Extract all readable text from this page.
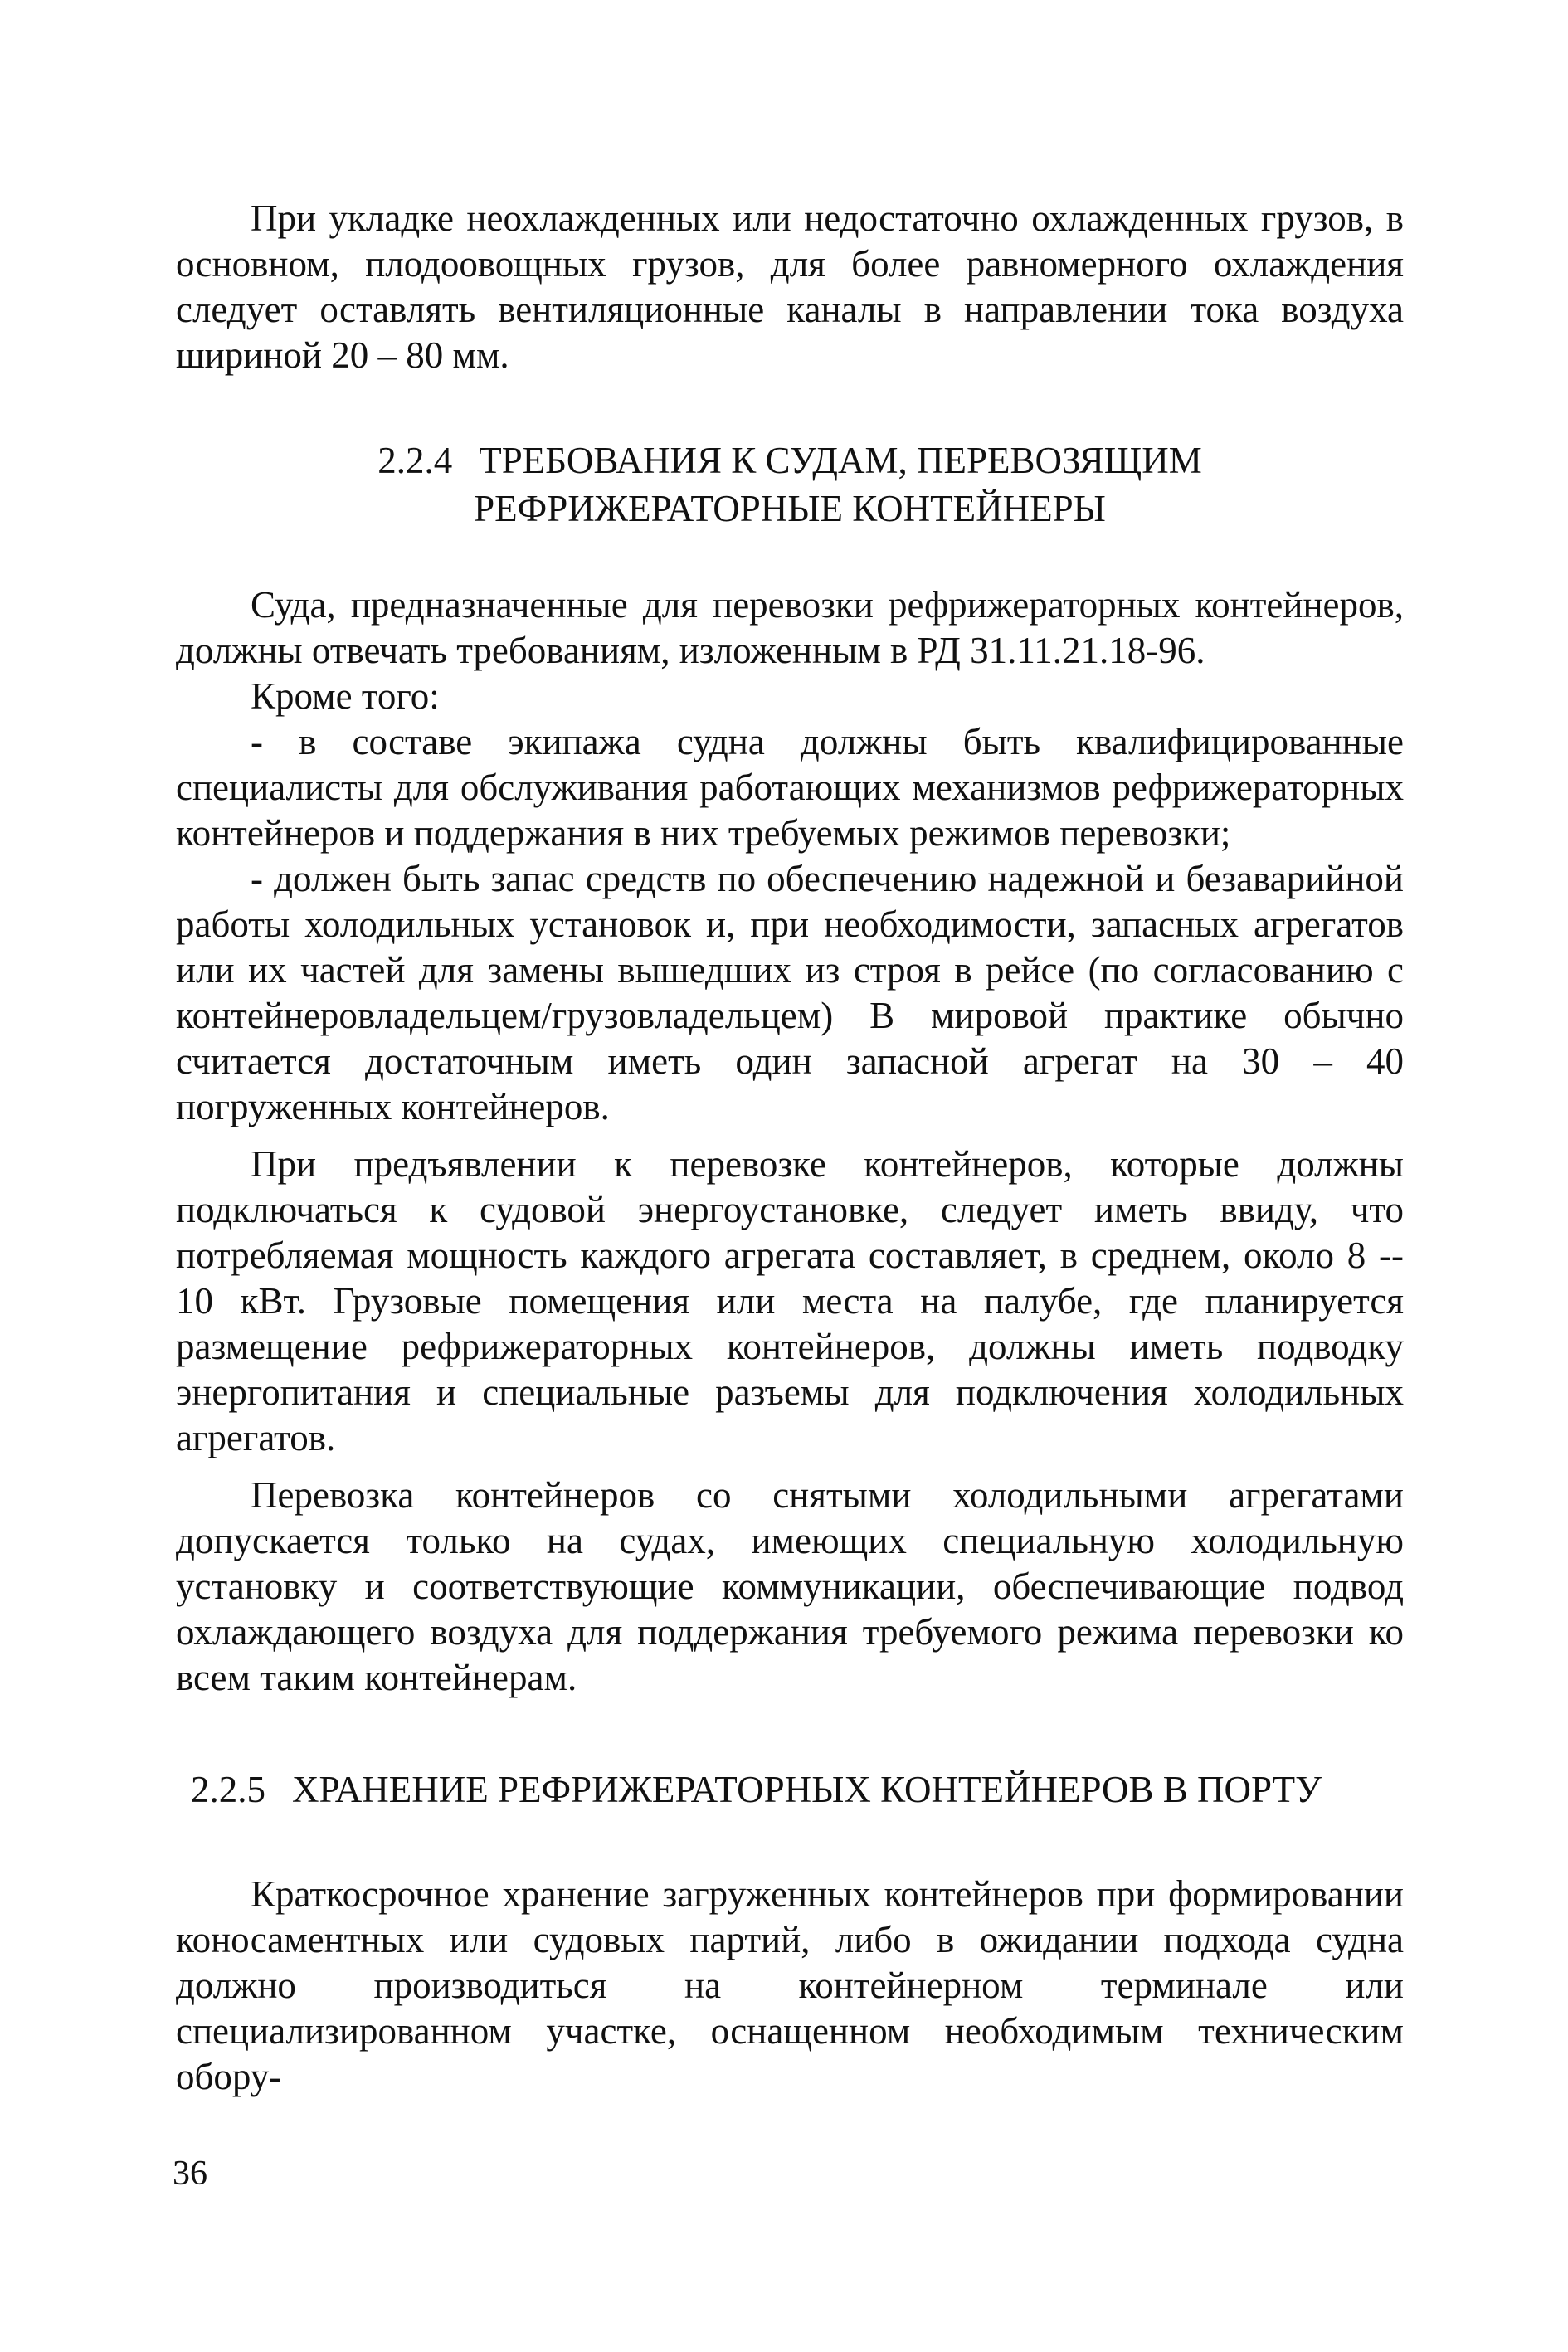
При укладке неохлажденных или недостаточно охлажденных грузов, в основном, плодоовощных грузов, для более равномерного охлаждения следует оставлять вентиляционные каналы в направлении тока воздуха шириной 20 – 80 мм.

2.2.4 ТРЕБОВАНИЯ К СУДАМ, ПЕРЕВОЗЯЩИМ
РЕФРИЖЕРАТОРНЫЕ КОНТЕЙНЕРЫ

Суда, предназначенные для перевозки рефрижераторных контейнеров, должны отвечать требованиям, изложенным в РД 31.11.21.18-96.

Кроме того:

- в составе экипажа судна должны быть квалифицированные специалисты для обслуживания работающих механизмов рефрижераторных контейнеров и поддержания в них требуемых режимов перевозки;

- должен быть запас средств по обеспечению надежной и безаварийной работы холодильных установок и, при необходимости, запасных агрегатов или их частей для замены вышедших из строя в рейсе (по согласованию с контейнеровладельцем/грузовладельцем) В мировой практике обычно считается достаточным иметь один запасной агрегат на 30 – 40 погруженных контейнеров.

При предъявлении к перевозке контейнеров, которые должны подключаться к судовой энергоустановке, следует иметь ввиду, что потребляемая мощность каждого агрегата составляет, в среднем, около 8 -- 10 кВт. Грузовые помещения или места на палубе, где планируется размещение рефрижераторных контейнеров, должны иметь подводку энергопитания и специальные разъемы для подключения холодильных агрегатов.

Перевозка контейнеров со снятыми холодильными агрегатами допускается только на судах, имеющих специальную холодильную установку и соответствующие коммуникации, обеспечивающие подвод охлаждающего воздуха для поддержания требуемого режима перевозки ко всем таким контейнерам.

2.2.5 ХРАНЕНИЕ РЕФРИЖЕРАТОРНЫХ КОНТЕЙНЕРОВ В ПОРТУ

Краткосрочное хранение загруженных контейнеров при формировании коносаментных или судовых партий, либо в ожидании подхода судна должно производиться на контейнерном терминале или специализированном участке, оснащенном необходимым техническим обору-

36
